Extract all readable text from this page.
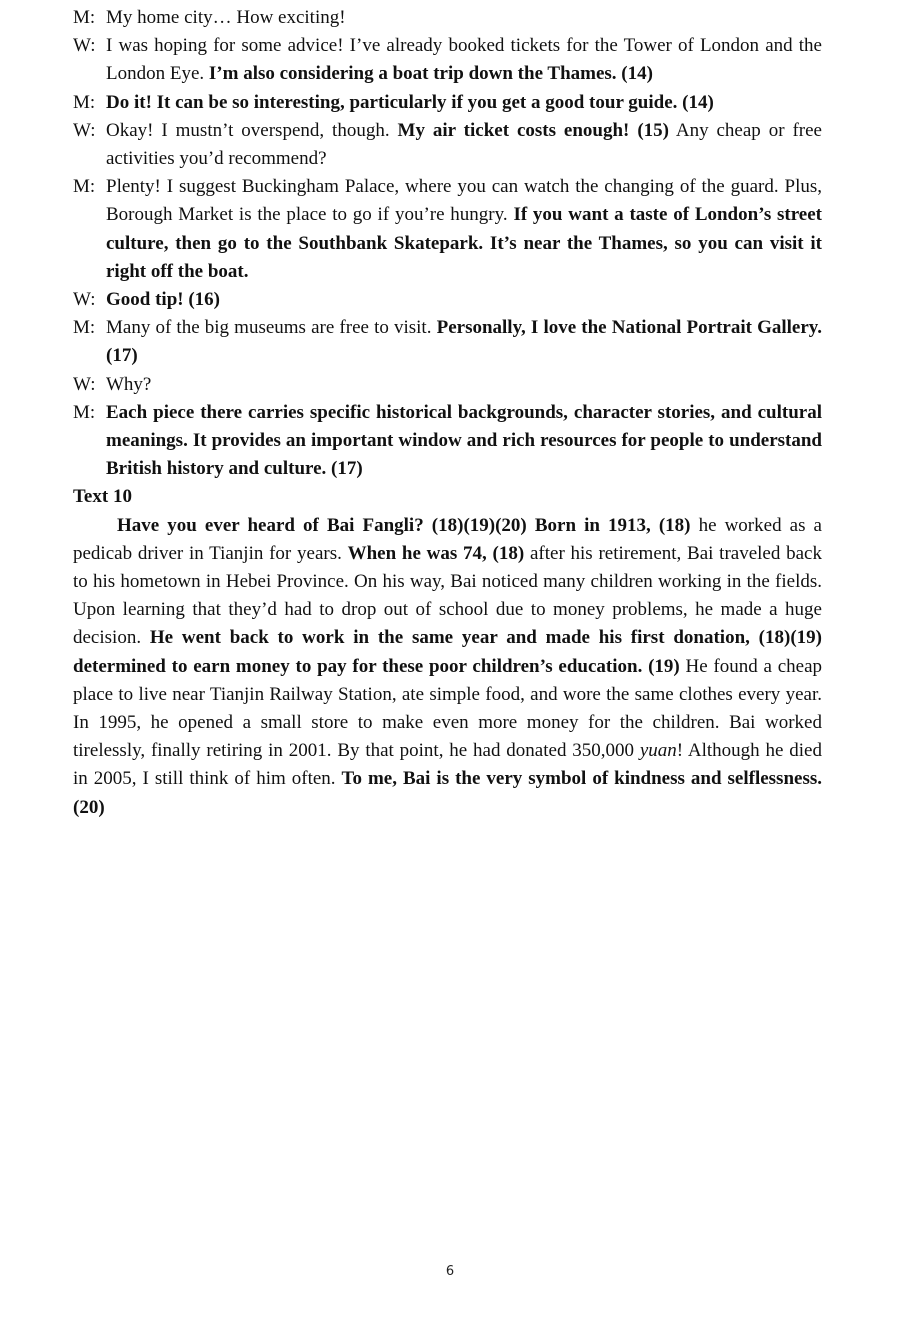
M: My home city… How exciting!
W: I was hoping for some advice! I’ve already booked tickets for the Tower of London and the London Eye. I’m also considering a boat trip down the Thames. (14)
M: Do it! It can be so interesting, particularly if you get a good tour guide. (14)
W: Okay! I mustn’t overspend, though. My air ticket costs enough! (15) Any cheap or free activities you’d recommend?
M: Plenty! I suggest Buckingham Palace, where you can watch the changing of the guard. Plus, Borough Market is the place to go if you’re hungry. If you want a taste of London’s street culture, then go to the Southbank Skatepark. It’s near the Thames, so you can visit it right off the boat.
W: Good tip! (16)
M: Many of the big museums are free to visit. Personally, I love the National Portrait Gallery. (17)
W: Why?
M: Each piece there carries specific historical backgrounds, character stories, and cultural meanings. It provides an important window and rich resources for people to understand British history and culture. (17)
Text 10
Have you ever heard of Bai Fangli? (18)(19)(20) Born in 1913, (18) he worked as a pedicab driver in Tianjin for years. When he was 74, (18) after his retirement, Bai traveled back to his hometown in Hebei Province. On his way, Bai noticed many children working in the fields. Upon learning that they’d had to drop out of school due to money problems, he made a huge decision. He went back to work in the same year and made his first donation, (18)(19) determined to earn money to pay for these poor children’s education. (19) He found a cheap place to live near Tianjin Railway Station, ate simple food, and wore the same clothes every year. In 1995, he opened a small store to make even more money for the children. Bai worked tirelessly, finally retiring in 2001. By that point, he had donated 350,000 yuan! Although he died in 2005, I still think of him often. To me, Bai is the very symbol of kindness and selflessness. (20)
6
